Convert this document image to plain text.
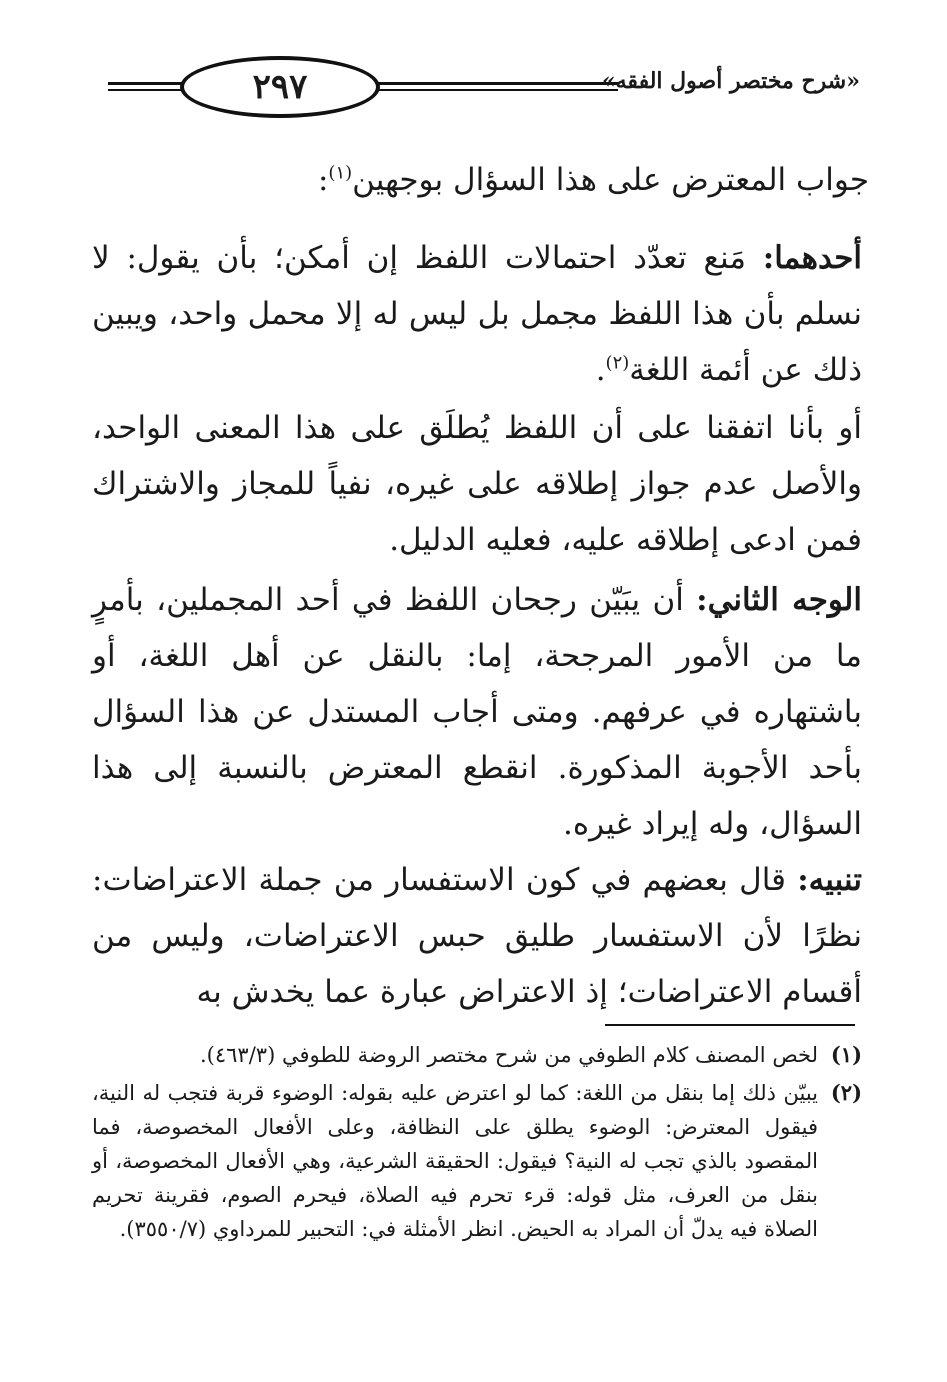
٢٩٧	«شرح مختصر أصول الفقه»

جواب المعترض على هذا السؤال بوجهين$^{(١)}$:

أحدهما: مَنع تعدّد احتمالات اللفظ إن أمكن؛ بأن يقول: لا نسلم بأن هذا اللفظ مجمل بل ليس له إلا محمل واحد، ويبين ذلك عن أئمة اللغة$^{(٢)}$.

أو بأنا اتفقنا على أن اللفظ يُطلَق على هذا المعنى الواحد، والأصل عدم جواز إطلاقه على غيره، نفياً للمجاز والاشتراك فمن ادعى إطلاقه عليه، فعليه الدليل.

الوجه الثاني: أن يبَيّن رجحان اللفظ في أحد المجملين، بأمرٍ ما من الأمور المرجحة، إما: بالنقل عن أهل اللغة، أو باشتهاره في عرفهم. ومتى أجاب المستدل عن هذا السؤال بأحد الأجوبة المذكورة. انقطع المعترض بالنسبة إلى هذا السؤال، وله إيراد غيره.

تنبيه: قال بعضهم في كون الاستفسار من جملة الاعتراضات: نظرًا لأن الاستفسار طليق حبس الاعتراضات، وليس من أقسام الاعتراضات؛ إذ الاعتراض عبارة عما يخدش به

(١)
لخص المصنف كلام الطوفي من شرح مختصر الروضة للطوفي (٤٦٣/٣).

(٢)
يبيّن ذلك إما بنقل من اللغة: كما لو اعترض عليه بقوله: الوضوء قربة فتجب له النية، فيقول المعترض: الوضوء يطلق على النظافة، وعلى الأفعال المخصوصة، فما المقصود بالذي تجب له النية؟ فيقول: الحقيقة الشرعية، وهي الأفعال المخصوصة، أو بنقل من العرف، مثل قوله: قرء تحرم فيه الصلاة، فيحرم الصوم، فقرينة تحريم الصلاة فيه يدلّ أن المراد به الحيض. انظر الأمثلة في: التحبير للمرداوي (٣٥٥٠/٧).
